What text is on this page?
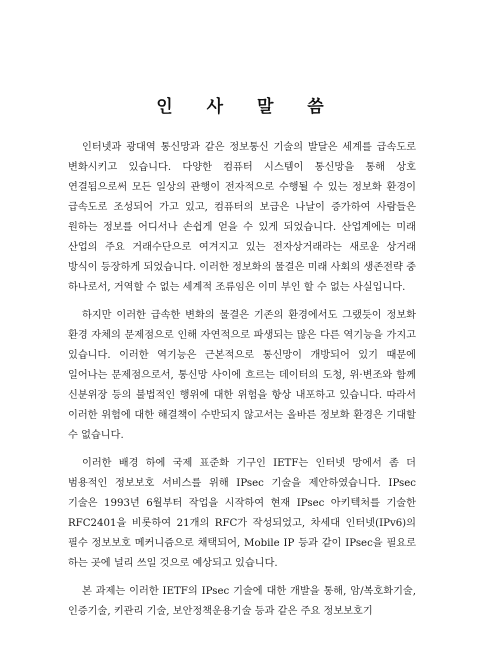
인 사 말 씀

인터넷과 광대역 통신망과 같은 정보통신 기술의 발달은 세계를 급속도로 변화시키고 있습니다. 다양한 컴퓨터 시스템이 통신망을 통해 상호 연결됨으로써 모든 일상의 관행이 전자적으로 수행될 수 있는 정보화 환경이 급속도로 조성되어 가고 있고, 컴퓨터의 보급은 나날이 증가하여 사람들은 원하는 정보를 어디서나 손쉽게 얻을 수 있게 되었습니다. 산업계에는 미래 산업의 주요 거래수단으로 여겨지고 있는 전자상거래라는 새로운 상거래 방식이 등장하게 되었습니다. 이러한 정보화의 물결은 미래 사회의 생존전략 중 하나로서, 거역할 수 없는 세계적 조류임은 이미 부인 할 수 없는 사실입니다.

하지만 이러한 급속한 변화의 물결은 기존의 환경에서도 그랬듯이 정보화 환경 자체의 문제점으로 인해 자연적으로 파생되는 많은 다른 역기능을 가지고 있습니다. 이러한 역기능은 근본적으로 통신망이 개방되어 있기 때문에 일어나는 문제점으로서, 통신망 사이에 흐르는 데이터의 도청, 위·변조와 함께 신분위장 등의 불법적인 행위에 대한 위험을 항상 내포하고 있습니다. 따라서 이러한 위험에 대한 해결책이 수반되지 않고서는 올바른 정보화 환경은 기대할 수 없습니다.

이러한 배경 하에 국제 표준화 기구인 IETF는 인터넷 망에서 좀 더 범용적인 정보보호 서비스를 위해 IPsec 기술을 제안하였습니다. IPsec 기술은 1993년 6월부터 작업을 시작하여 현재 IPsec 아키텍처를 기술한 RFC2401을 비롯하여 21개의 RFC가 작성되었고, 차세대 인터넷(IPv6)의 필수 정보보호 메커니즘으로 채택되어, Mobile IP 등과 같이 IPsec을 필요로 하는 곳에 널리 쓰일 것으로 예상되고 있습니다.

본 과제는 이러한 IETF의 IPsec 기술에 대한 개발을 통해, 암/복호화기술, 인증기술, 키관리 기술, 보안정책운용기술 등과 같은 주요 정보보호기
